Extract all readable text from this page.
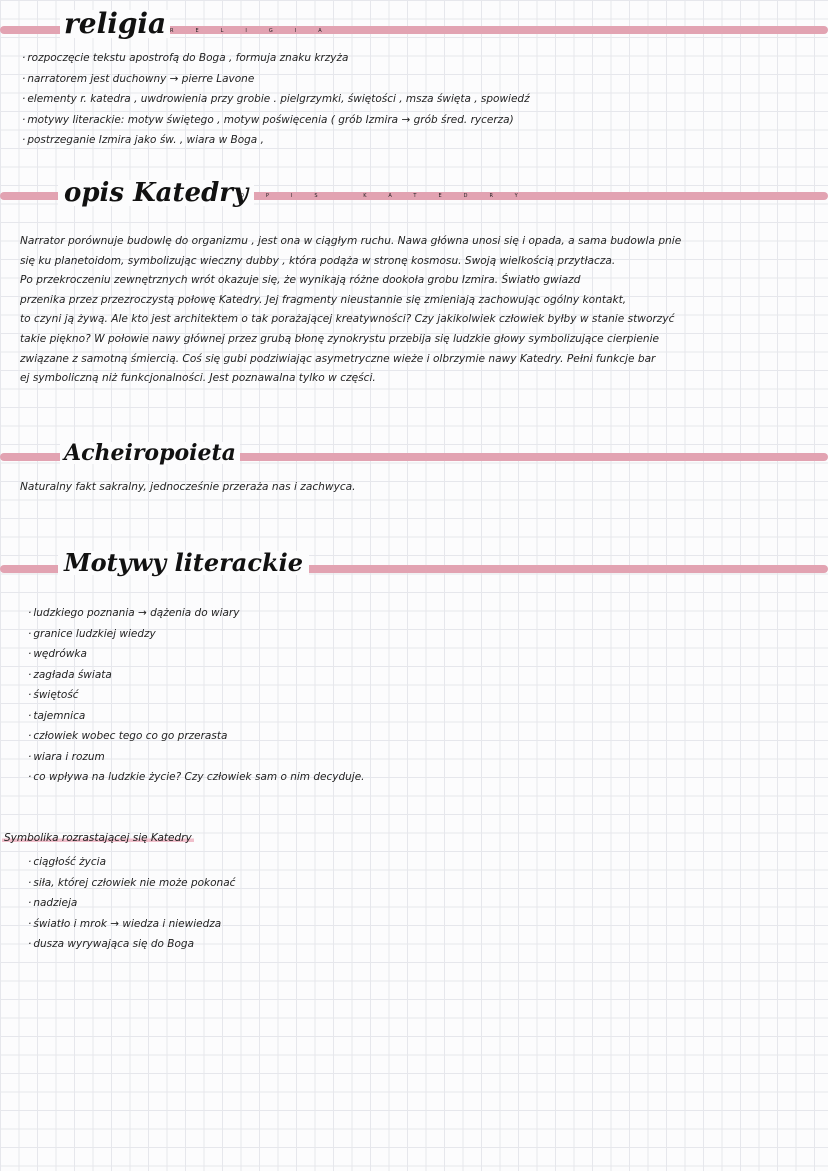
religia RELIGIA
· rozpoczęcie tekstu apostrofą do Boga , formuja znaku krzyża
· narratorem jest duchowny → pierre Lavone
· elementy r. katedra , uwdrowienia przy grobie . pielgrzymki, świętości , msza święta , spowiedź
· motywy literackie: motyw świętego , motyw poświęcenia ( grób Izmira → grób śred. rycerza)
· postrzeganie Izmira jako św. , wiara w Boga ,
opis Katedry
OPIS KATEDRY
Narrator porównuje budowlę do organizmu , jest ona w ciągłym ruchu. Nawa główna unosi się i opada, a sama budowla pnie
się ku planetoidom, symbolizując wieczny dubby , która podąża w stronę kosmosu. Swoją wielkością przytłacza.
Po przekroczeniu zewnętrznych wrót okazuje się, że wynikają różne dookoła grobu Izmira. Światło gwiazd
przenika przez przezroczystą połowę Katedry. Jej fragmenty nieustannie się zmieniają zachowując ogólny kontakt,
to czyni ją żywą. Ale kto jest architektem o tak porażającej kreatywności? Czy jakikolwiek człowiek byłby w stanie stworzyć
takie piękno? W połowie nawy głównej przez grubą błonę zynokrystu przebija się ludzkie głowy symbolizujące cierpienie
związane z samotną śmiercią. Coś się gubi podziwiając asymetryczne wieże i olbrzymie nawy Katedry. Pełni funkcje bar
ej symboliczną niż funkcjonalności. Jest poznawalna tylko w części.
Acheiropoieta
Naturalny fakt sakralny, jednocześnie przeraża nas i zachwyca.
Motywy literackie
· ludzkiego poznania → dążenia do wiary
· granice ludzkiej wiedzy
· wędrówka
· zagłada świata
· świętość
· tajemnica
· człowiek wobec tego co go przerasta
· wiara i rozum
· co wpływa na ludzkie życie? Czy człowiek sam o nim decyduje.
Symbolika rozrastającej się Katedry
· ciągłość życia
· siła, której człowiek nie może pokonać
· nadzieja
· światło i mrok → wiedza i niewiedza
· dusza wyrywająca się do Boga
